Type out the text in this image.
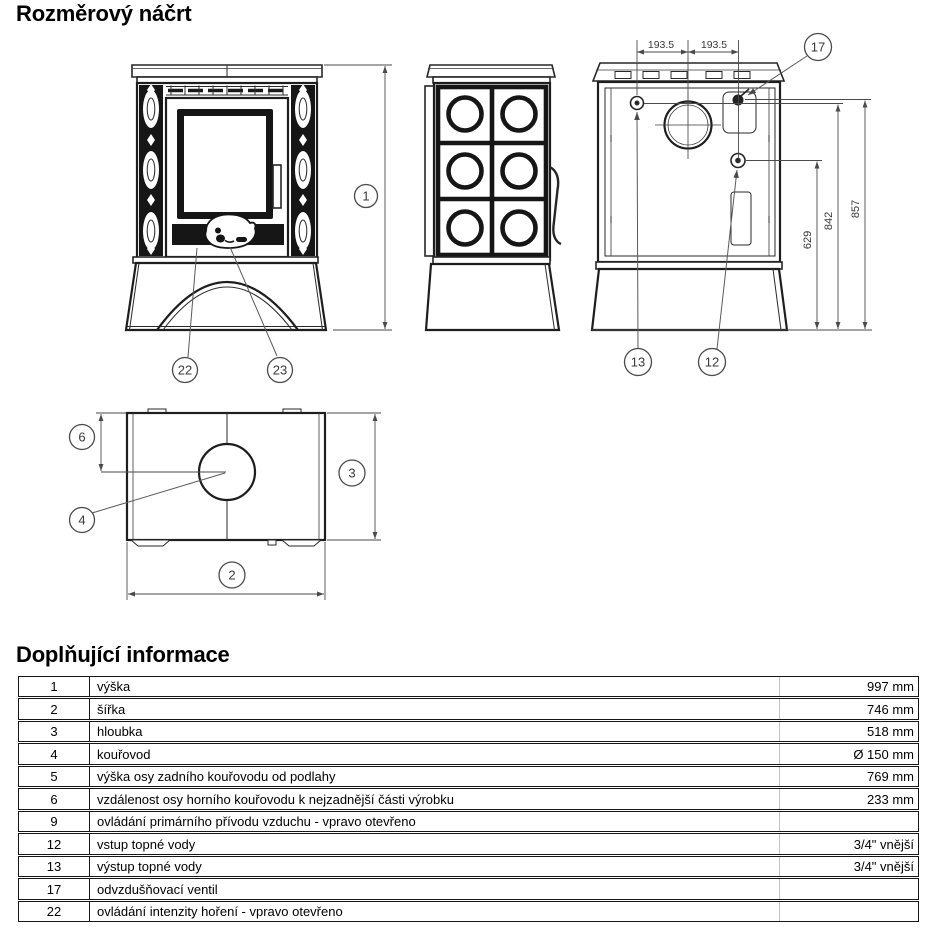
Rozměrový náčrt
1
22	23
193.5	193.5
629
842
857
17
13	12
6
3
2
4
Doplňující informace
1	výška	997 mm
2	šířka	746 mm
3	hloubka	518 mm
4	kouřovod	Ø 150 mm
5	výška osy zadního kouřovodu od podlahy	769 mm
6	vzdálenost osy horního kouřovodu k nejzadnější části výrobku	233 mm
9	ovládání primárního přívodu vzduchu - vpravo otevřeno
12	vstup topné vody	3/4" vnější
13	výstup topné vody	3/4" vnější
17	odvzdušňovací ventil
22	ovládání intenzity hoření - vpravo otevřeno
